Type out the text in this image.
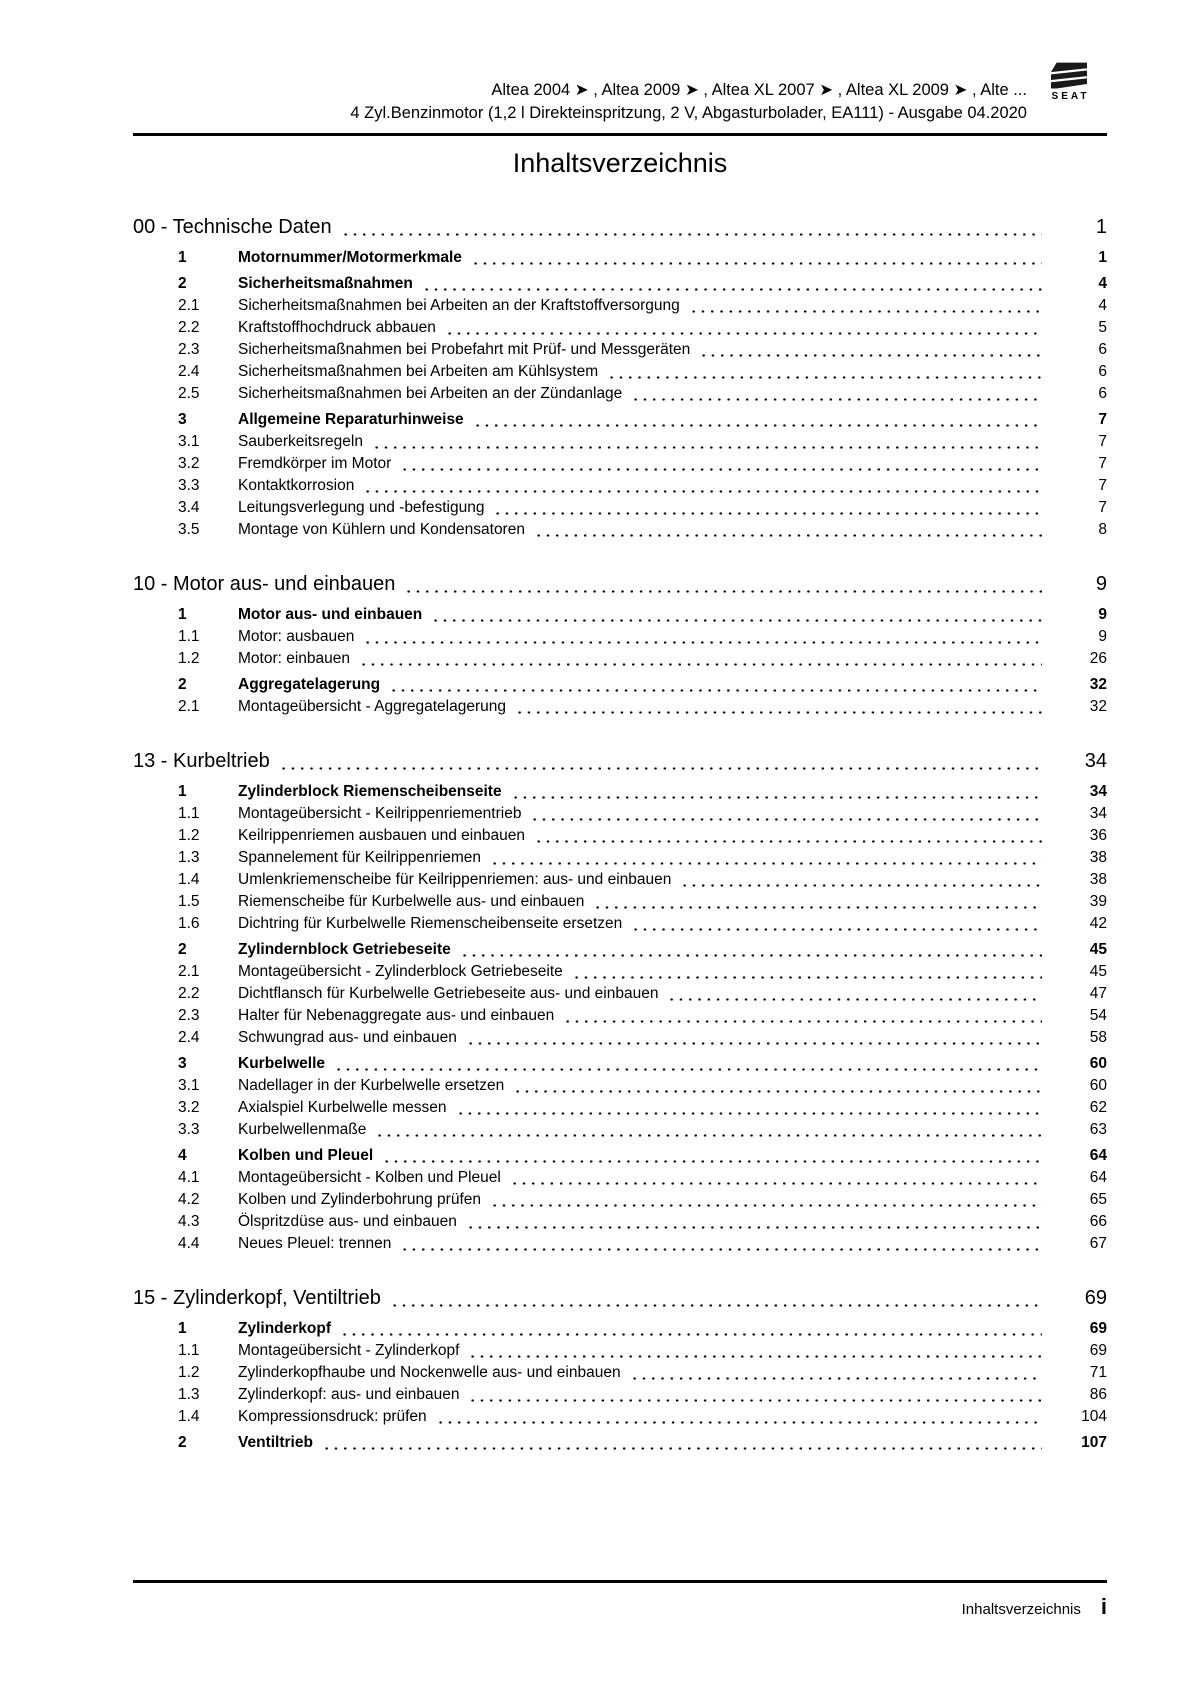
Altea 2004 ➤ , Altea 2009 ➤ , Altea XL 2007 ➤ , Altea XL 2009 ➤ , Alte ...
4 Zyl.Benzinmotor (1,2 l Direkteinspritzung, 2 V, Abgasturbolader, EA111) - Ausgabe 04.2020
SEAT
Inhaltsverzeichnis
00 - Technische Daten	1
1	Motornummer/Motormerkmale	1
2	Sicherheitsmaßnahmen	4
2.1	Sicherheitsmaßnahmen bei Arbeiten an der Kraftstoffversorgung	4
2.2	Kraftstoffhochdruck abbauen	5
2.3	Sicherheitsmaßnahmen bei Probefahrt mit Prüf- und Messgeräten	6
2.4	Sicherheitsmaßnahmen bei Arbeiten am Kühlsystem	6
2.5	Sicherheitsmaßnahmen bei Arbeiten an der Zündanlage	6
3	Allgemeine Reparaturhinweise	7
3.1	Sauberkeitsregeln	7
3.2	Fremdkörper im Motor	7
3.3	Kontaktkorrosion	7
3.4	Leitungsverlegung und -befestigung	7
3.5	Montage von Kühlern und Kondensatoren	8
10 - Motor aus- und einbauen	9
1	Motor aus- und einbauen	9
1.1	Motor: ausbauen	9
1.2	Motor: einbauen	26
2	Aggregatelagerung	32
2.1	Montageübersicht - Aggregatelagerung	32
13 - Kurbeltrieb	34
1	Zylinderblock Riemenscheibenseite	34
1.1	Montageübersicht - Keilrippenriementrieb	34
1.2	Keilrippenriemen ausbauen und einbauen	36
1.3	Spannelement für Keilrippenriemen	38
1.4	Umlenkriemenscheibe für Keilrippenriemen: aus- und einbauen	38
1.5	Riemenscheibe für Kurbelwelle aus- und einbauen	39
1.6	Dichtring für Kurbelwelle Riemenscheibenseite ersetzen	42
2	Zylindernblock Getriebeseite	45
2.1	Montageübersicht - Zylinderblock Getriebeseite	45
2.2	Dichtflansch für Kurbelwelle Getriebeseite aus- und einbauen	47
2.3	Halter für Nebenaggregate aus- und einbauen	54
2.4	Schwungrad aus- und einbauen	58
3	Kurbelwelle	60
3.1	Nadellager in der Kurbelwelle ersetzen	60
3.2	Axialspiel Kurbelwelle messen	62
3.3	Kurbelwellenmaße	63
4	Kolben und Pleuel	64
4.1	Montageübersicht - Kolben und Pleuel	64
4.2	Kolben und Zylinderbohrung prüfen	65
4.3	Ölspritzdüse aus- und einbauen	66
4.4	Neues Pleuel: trennen	67
15 - Zylinderkopf, Ventiltrieb	69
1	Zylinderkopf	69
1.1	Montageübersicht - Zylinderkopf	69
1.2	Zylinderkopfhaube und Nockenwelle aus- und einbauen	71
1.3	Zylinderkopf: aus- und einbauen	86
1.4	Kompressionsdruck: prüfen	104
2	Ventiltrieb	107
Inhaltsverzeichnis i
